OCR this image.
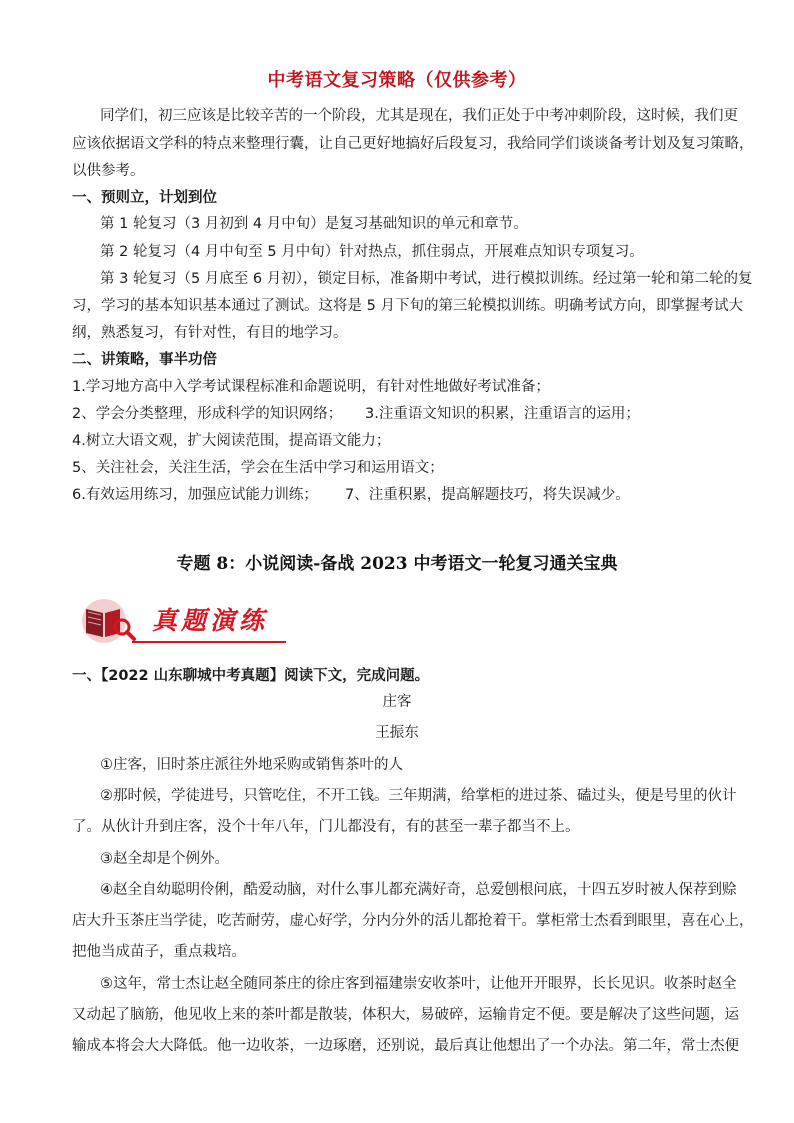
中考语文复习策略（仅供参考）
同学们，初三应该是比较辛苦的一个阶段，尤其是现在，我们正处于中考冲刺阶段，这时候，我们更
应该依据语文学科的特点来整理行囊，让自己更好地搞好后段复习，我给同学们谈谈备考计划及复习策略，
以供参考。
一、预则立，计划到位
第 1 轮复习（3 月初到 4 月中旬）是复习基础知识的单元和章节。
第 2 轮复习（4 月中旬至 5 月中旬）针对热点，抓住弱点，开展难点知识专项复习。
第 3 轮复习（5 月底至 6 月初），锁定目标，准备期中考试，进行模拟训练。经过第一轮和第二轮的复
习，学习的基本知识基本通过了测试。这将是 5 月下旬的第三轮模拟训练。明确考试方向，即掌握考试大
纲，熟悉复习，有针对性，有目的地学习。
二、讲策略，事半功倍
1.学习地方高中入学考试课程标准和命题说明，有针对性地做好考试准备；
2、学会分类整理，形成科学的知识网络； 3.注重语文知识的积累，注重语言的运用；
4.树立大语文观，扩大阅读范围，提高语文能力；
5、关注社会，关注生活，学会在生活中学习和运用语文；
6.有效运用练习，加强应试能力训练； 7、注重积累，提高解题技巧，将失误减少。
专题 8：小说阅读-备战 2023 中考语文一轮复习通关宝典
真题演练
一、【2022 山东聊城中考真题】阅读下文，完成问题。
庄客
王振东
①庄客，旧时茶庄派往外地采购或销售茶叶的人
②那时候，学徒进号，只管吃住，不开工钱。三年期满，给掌柜的进过茶、磕过头，便是号里的伙计
了。从伙计升到庄客，没个十年八年，门儿都没有，有的甚至一辈子都当不上。
③赵全却是个例外。
④赵全自幼聪明伶俐，酷爱动脑，对什么事儿都充满好奇，总爱刨根问底，十四五岁时被人保荐到赊
店大升玉茶庄当学徒，吃苦耐劳，虚心好学，分内分外的活儿都抢着干。掌柜常士杰看到眼里，喜在心上，
把他当成苗子，重点栽培。
⑤这年，常士杰让赵全随同茶庄的徐庄客到福建崇安收茶叶，让他开开眼界，长长见识。收茶时赵全
又动起了脑筋，他见收上来的茶叶都是散装，体积大，易破碎，运输肯定不便。要是解决了这些问题，运
输成本将会大大降低。他一边收茶，一边琢磨，还别说，最后真让他想出了一个办法。第二年，常士杰便
